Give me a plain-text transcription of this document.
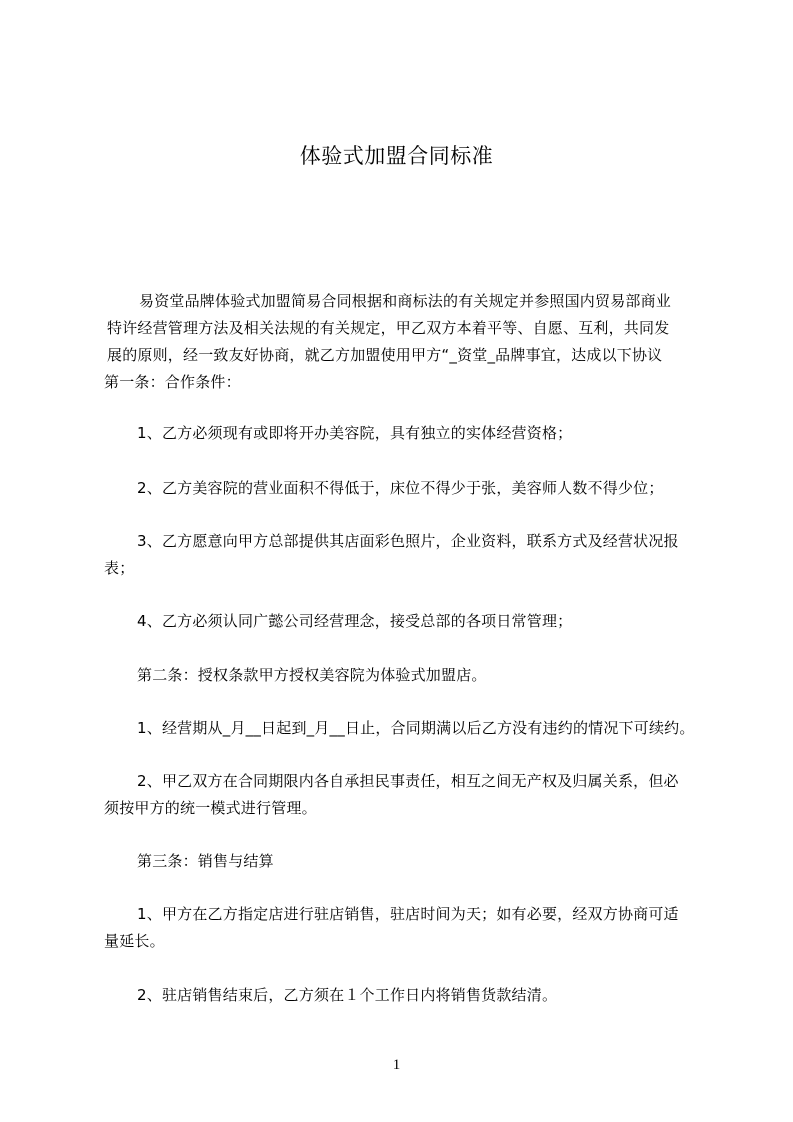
体验式加盟合同标准
易资堂品牌体验式加盟简易合同根据和商标法的有关规定并参照国内贸易部商业
特许经营管理方法及相关法规的有关规定，甲乙双方本着平等、自愿、互利，共同发
展的原则，经一致友好协商，就乙方加盟使用甲方“_资堂_品牌事宜，达成以下协议
第一条：合作条件：
1、乙方必须现有或即将开办美容院，具有独立的实体经营资格；
2、乙方美容院的营业面积不得低于，床位不得少于张，美容师人数不得少位；
3、乙方愿意向甲方总部提供其店面彩色照片，企业资料，联系方式及经营状况报
表；
4、乙方必须认同广懿公司经营理念，接受总部的各项日常管理；
第二条：授权条款甲方授权美容院为体验式加盟店。
1、经营期从_月__日起到_月__日止，合同期满以后乙方没有违约的情况下可续约。
2、甲乙双方在合同期限内各自承担民事责任，相互之间无产权及归属关系，但必
须按甲方的统一模式进行管理。
第三条：销售与结算
1、甲方在乙方指定店进行驻店销售，驻店时间为天；如有必要，经双方协商可适
量延长。
2、驻店销售结束后，乙方须在１个工作日内将销售货款结清。
1
